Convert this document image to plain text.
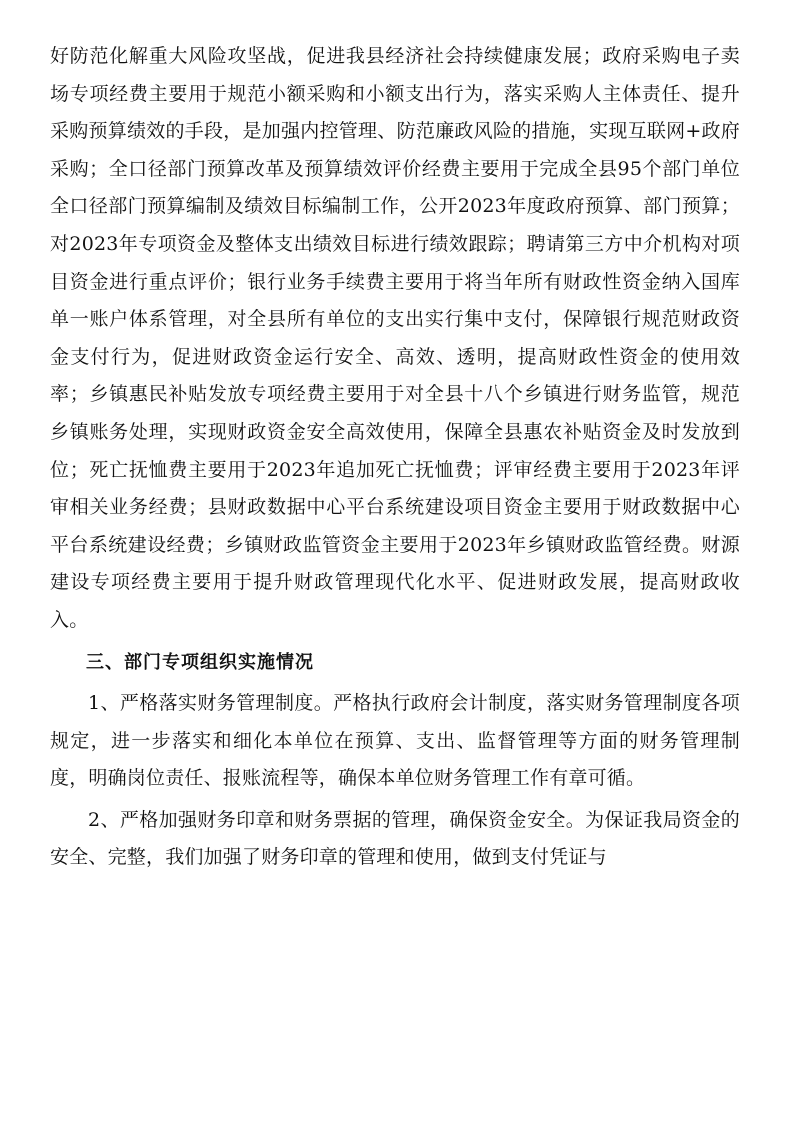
好防范化解重大风险攻坚战，促进我县经济社会持续健康发展；政府采购电子卖场专项经费主要用于规范小额采购和小额支出行为，落实采购人主体责任、提升采购预算绩效的手段，是加强内控管理、防范廉政风险的措施，实现互联网+政府采购；全口径部门预算改革及预算绩效评价经费主要用于完成全县95个部门单位全口径部门预算编制及绩效目标编制工作，公开2023年度政府预算、部门预算；对2023年专项资金及整体支出绩效目标进行绩效跟踪；聘请第三方中介机构对项目资金进行重点评价；银行业务手续费主要用于将当年所有财政性资金纳入国库单一账户体系管理，对全县所有单位的支出实行集中支付，保障银行规范财政资金支付行为，促进财政资金运行安全、高效、透明，提高财政性资金的使用效率；乡镇惠民补贴发放专项经费主要用于对全县十八个乡镇进行财务监管，规范乡镇账务处理，实现财政资金安全高效使用，保障全县惠农补贴资金及时发放到位；死亡抚恤费主要用于2023年追加死亡抚恤费；评审经费主要用于2023年评审相关业务经费；县财政数据中心平台系统建设项目资金主要用于财政数据中心平台系统建设经费；乡镇财政监管资金主要用于2023年乡镇财政监管经费。财源建设专项经费主要用于提升财政管理现代化水平、促进财政发展，提高财政收入。

三、部门专项组织实施情况

1、严格落实财务管理制度。严格执行政府会计制度，落实财务管理制度各项规定，进一步落实和细化本单位在预算、支出、监督管理等方面的财务管理制度，明确岗位责任、报账流程等，确保本单位财务管理工作有章可循。

2、严格加强财务印章和财务票据的管理，确保资金安全。为保证我局资金的安全、完整，我们加强了财务印章的管理和使用，做到支付凭证与
